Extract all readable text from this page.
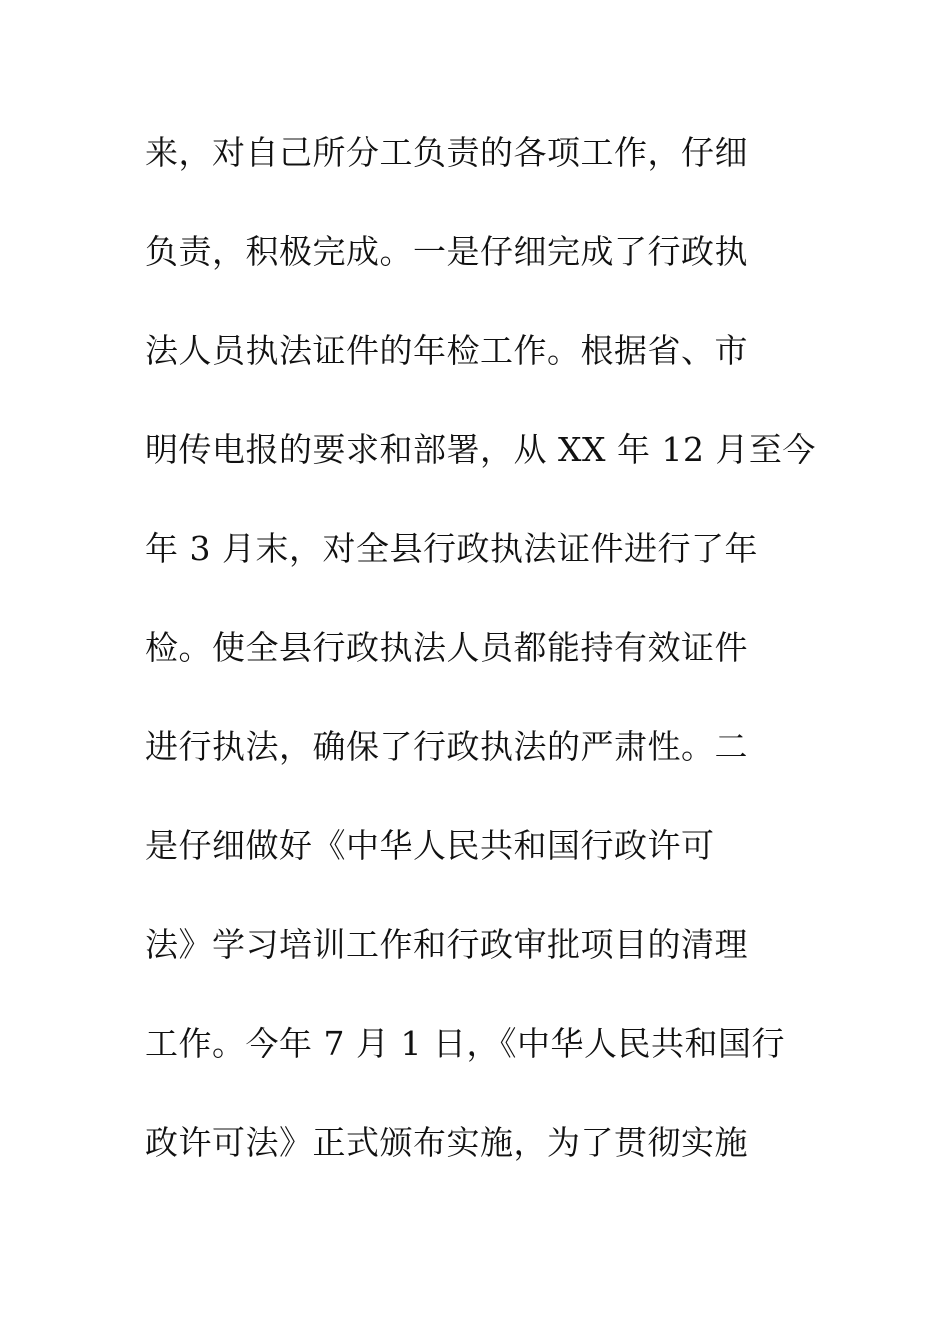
来，对自己所分工负责的各项工作，仔细
负责，积极完成。一是仔细完成了行政执
法人员执法证件的年检工作。根据省、市
明传电报的要求和部署，从 XX 年 12 月至今
年 3 月末，对全县行政执法证件进行了年
检。使全县行政执法人员都能持有效证件
进行执法，确保了行政执法的严肃性。二
是仔细做好《中华人民共和国行政许可
法》学习培训工作和行政审批项目的清理
工作。今年 7 月 1 日，《中华人民共和国行
政许可法》正式颁布实施，为了贯彻实施
